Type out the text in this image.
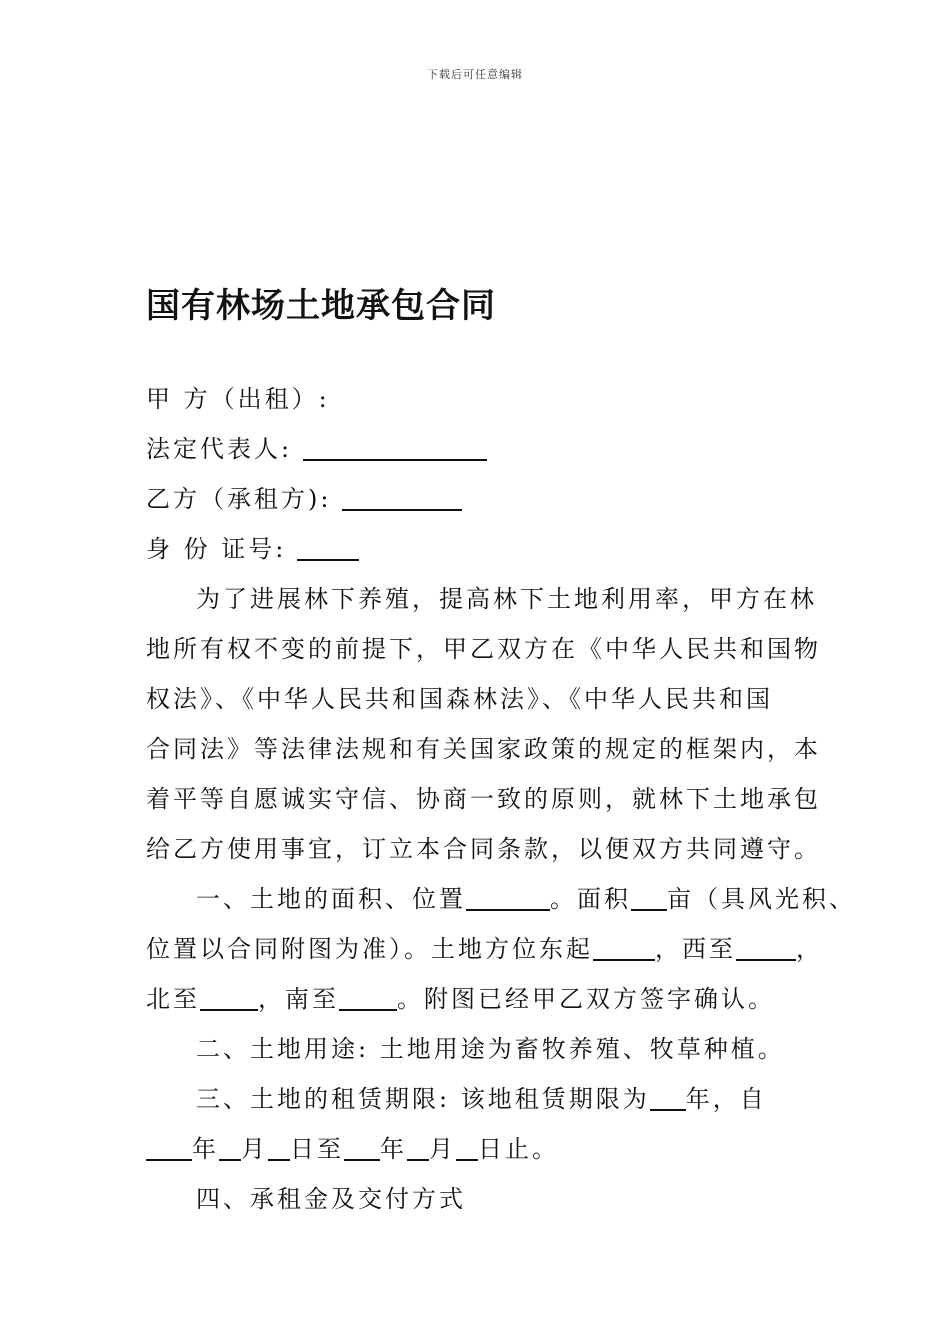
下载后可任意编辑
国有林场土地承包合同
甲 方（出租）:
法定代表人:
乙方（承租方):
身 份 证号:
为了进展林下养殖，提高林下土地利用率，甲方在林
地所有权不变的前提下，甲乙双方在《中华人民共和国物
权法》、《中华人民共和国森林法》、《中华人民共和国
合同法》等法律法规和有关国家政策的规定的框架内，本
着平等自愿诚实守信、协商一致的原则，就林下土地承包
给乙方使用事宜，订立本合同条款，以便双方共同遵守。
一、土地的面积、位置	。面积 亩（具风光积、
位置以合同附图为准）。土地方位东起	，西至	，
北至 ，南至 。附图已经甲乙双方签字确认。
二、土地用途: 土地用途为畜牧养殖、牧草种植。
三、土地的租赁期限: 该地租赁期限为 年，自
年 月 日至 年 月 日止。
四、承租金及交付方式
